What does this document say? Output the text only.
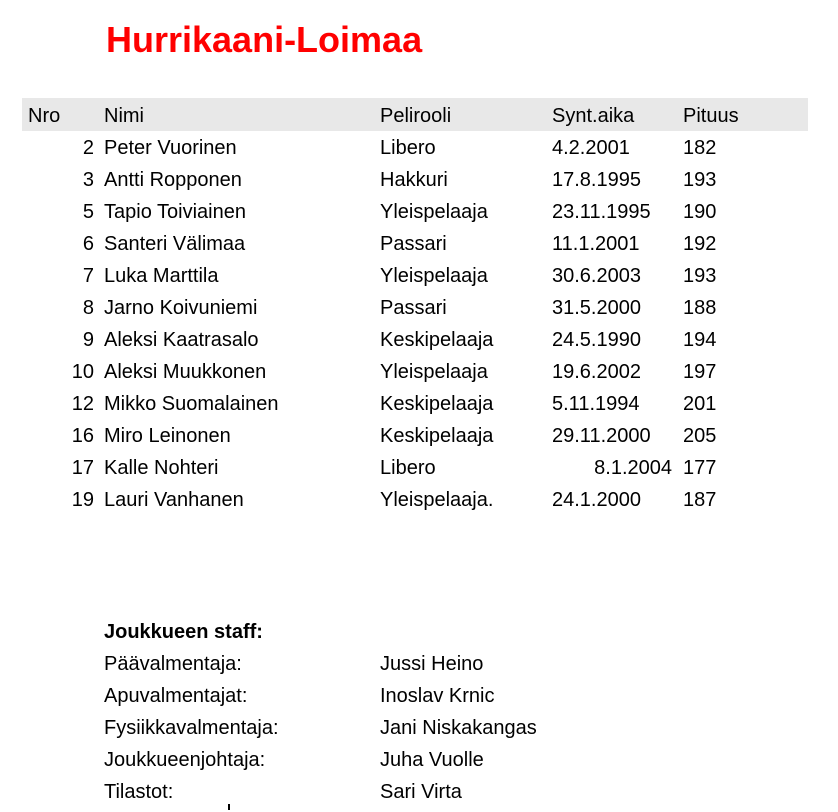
Hurrikaani-Loimaa
Nro Nimi	Pelirooli	Synt.aika Pituus
2 Peter Vuorinen	Libero	4.2.2001	182
3 Antti Ropponen	Hakkuri	17.8.1995 193
5 Tapio Toiviainen	Yleispelaaja	23.11.1995 190
6 Santeri Välimaa	Passari	11.1.2001 192
7 Luka Marttila	Yleispelaaja	30.6.2003 193
8 Jarno Koivuniemi	Passari	31.5.2000 188
9 Aleksi Kaatrasalo	Keskipelaaja	24.5.1990 194
10 Aleksi Muukkonen	Yleispelaaja	19.6.2002 197
12 Mikko Suomalainen	Keskipelaaja	5.11.1994 201
16 Miro Leinonen	Keskipelaaja	29.11.2000 205
17 Kalle Nohteri	Libero	8.1.2004 177
19 Lauri Vanhanen	Yleispelaaja.	24.1.2000 187
Joukkueen staff:
Päävalmentaja:	Jussi Heino
Apuvalmentajat:	Inoslav Krnic
Fysiikkavalmentaja:	Jani Niskakangas
Joukkueenjohtaja:	Juha Vuolle
Tilastot:	Sari Virta
